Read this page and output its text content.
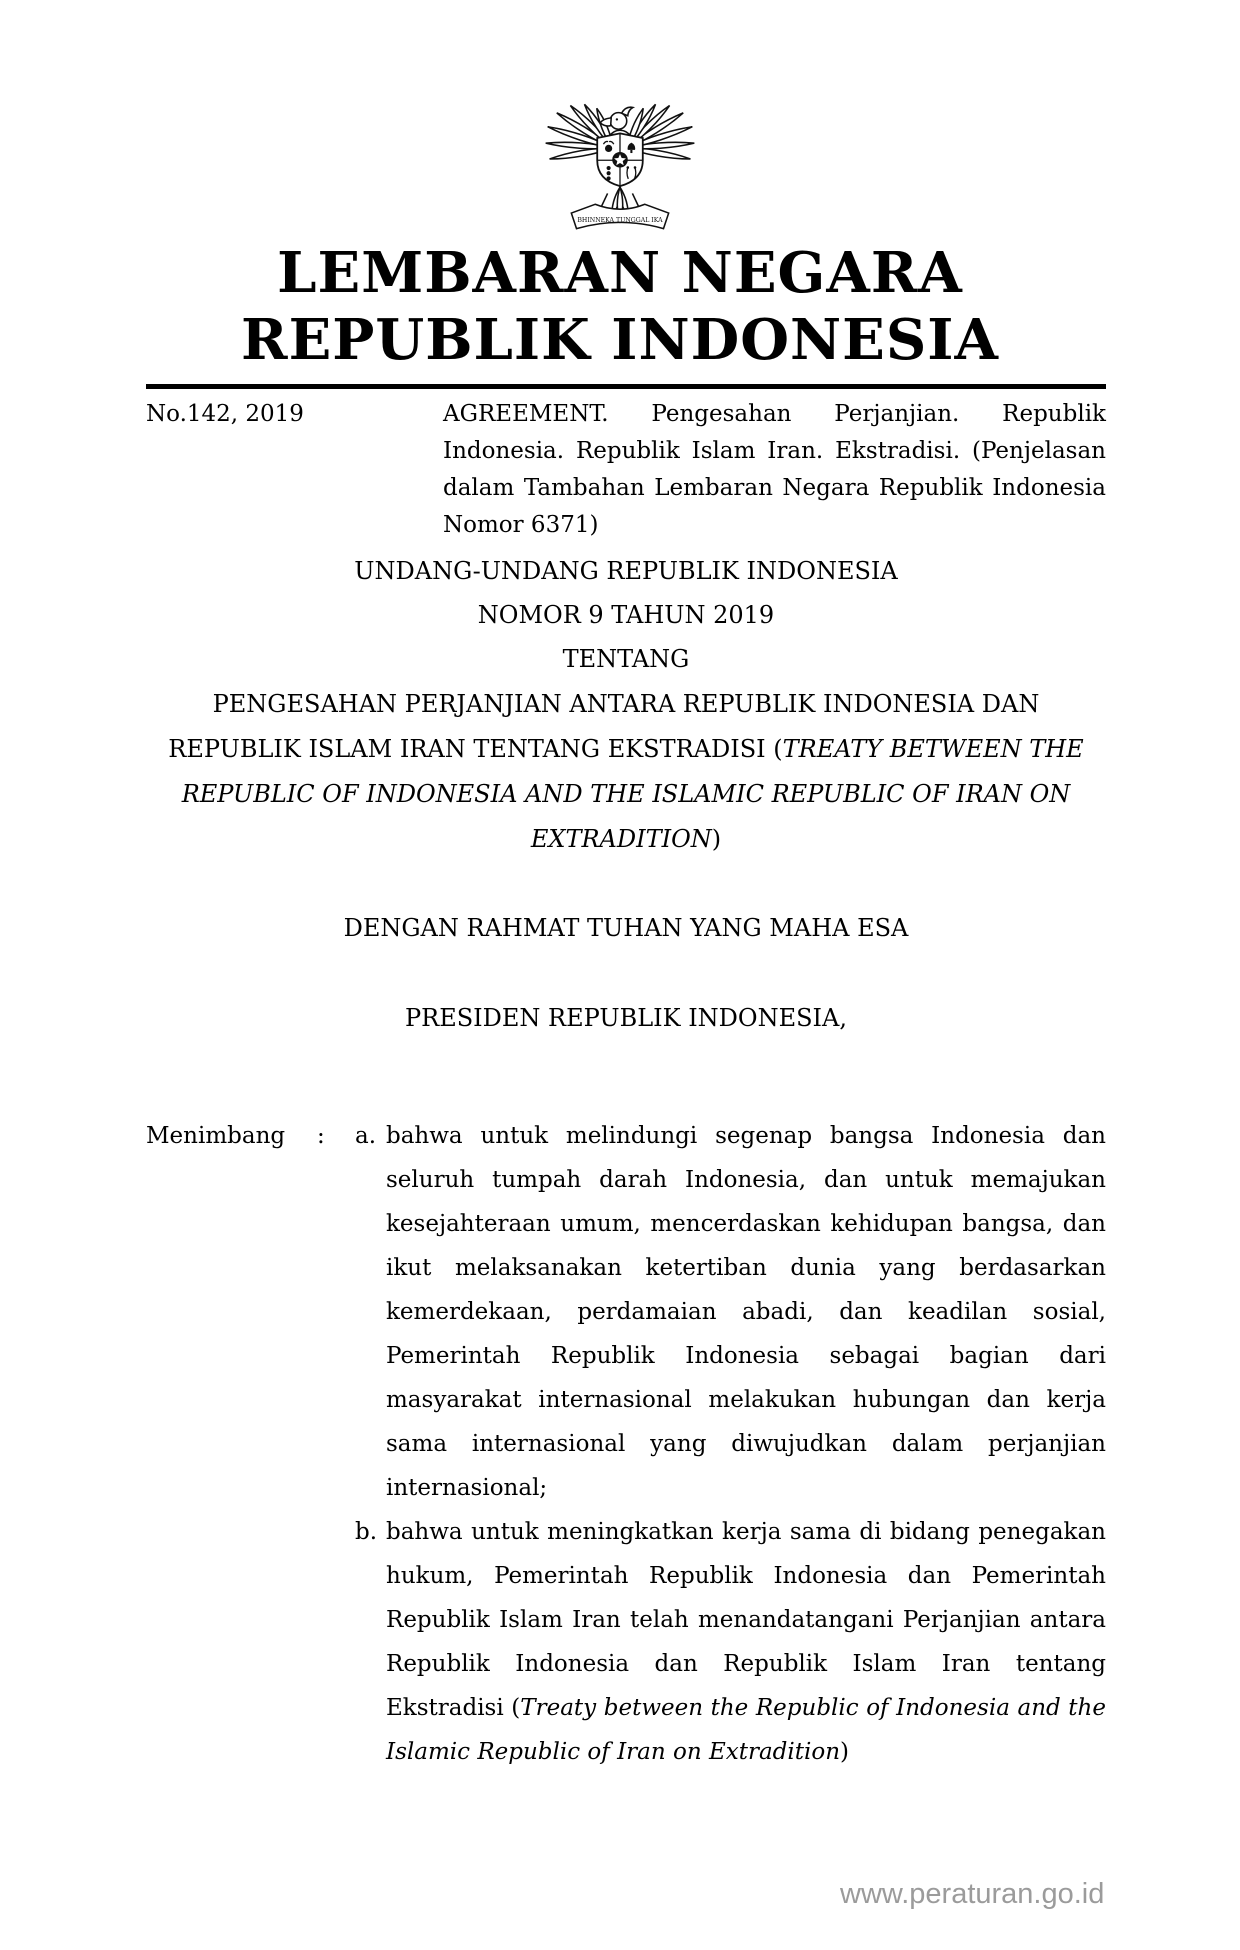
BHINNEKA TUNGGAL IKA
LEMBARAN NEGARA
REPUBLIK INDONESIA
No.142, 2019	AGREEMENT. Pengesahan Perjanjian. Republik Indonesia. Republik Islam Iran. Ekstradisi. (Penjelasan dalam Tambahan Lembaran Negara Republik Indonesia Nomor 6371)
UNDANG-UNDANG REPUBLIK INDONESIA
NOMOR 9 TAHUN 2019
TENTANG
PENGESAHAN PERJANJIAN ANTARA REPUBLIK INDONESIA DAN
REPUBLIK ISLAM IRAN TENTANG EKSTRADISI (TREATY BETWEEN THE
REPUBLIC OF INDONESIA AND THE ISLAMIC REPUBLIC OF IRAN ON
EXTRADITION)
DENGAN RAHMAT TUHAN YANG MAHA ESA
PRESIDEN REPUBLIK INDONESIA,
Menimbang	:	a. bahwa untuk melindungi segenap bangsa Indonesia dan seluruh tumpah darah Indonesia, dan untuk memajukan kesejahteraan umum, mencerdaskan kehidupan bangsa, dan ikut melaksanakan ketertiban dunia yang berdasarkan kemerdekaan, perdamaian abadi, dan keadilan sosial, Pemerintah Republik Indonesia sebagai bagian dari masyarakat internasional melakukan hubungan dan kerja sama internasional yang diwujudkan dalam perjanjian internasional;
b. bahwa untuk meningkatkan kerja sama di bidang penegakan hukum, Pemerintah Republik Indonesia dan Pemerintah Republik Islam Iran telah menandatangani Perjanjian antara Republik Indonesia dan Republik Islam Iran tentang Ekstradisi (Treaty between the Republic of Indonesia and the Islamic Republic of Iran on Extradition)
www.peraturan.go.id
